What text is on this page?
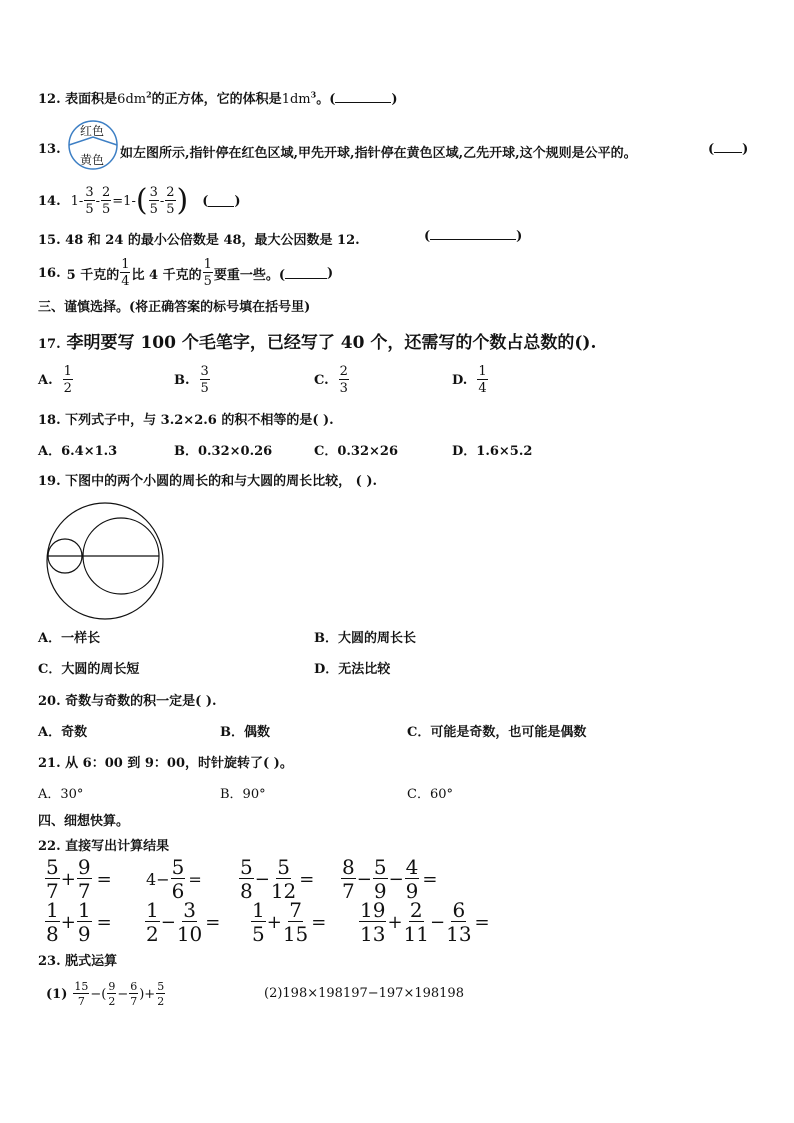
12. 表面积是$6dm^2$的正方体，它的体积是$1dm^3$。(	)
13.
红色
黄色 如左图所示,指针停在红色区域,甲先开球,指针停在黄色区域,乙先开球,这个规则是公平的。	( )
14. $1 - \frac{3}{5} - \frac{2}{5} =1-$ ( $\frac{3}{5} - \frac{2}{5}$ ) ( )
15. 48 和 24 的最小公倍数是 48，最大公因数是 12.	(	)
16. 5 千克的 $\frac{1}{4}$ 比 4 千克的 $\frac{1}{5}$ 要重一些。(	)
三、谨慎选择。(将正确答案的标号填在括号里)
17. 李明要写 100 个毛笔字，已经写了 40 个，还需写的个数占总数的().
A. $\frac{1}{2}$	B. $\frac{3}{5}$	C. $\frac{2}{3}$	D. $\frac{1}{4}$
18. 下列式子中，与 3.2×2.6 的积不相等的是( ).
A．6.4×1.3	B．0.32×0.26	C．0.32×26	D．1.6×5.2
19. 下图中的两个小圆的周长的和与大圆的周长比较， ( ).
A．一样长	B．大圆的周长长
C．大圆的周长短	D．无法比较
20. 奇数与奇数的积一定是( ).
A．奇数	B．偶数	C．可能是奇数，也可能是偶数
21. 从 6：00 到 9：00，时针旋转了( )。
A．30°	B．90°	C．60°
四、细想快算。
22. 直接写出计算结果
$\frac{5}{7} + \frac{9}{7} = 4 - \frac{5}{6} = \frac{5}{8} - \frac{5}{12} = \frac{8}{7} - \frac{5}{9} - \frac{4}{9}$ =
$\frac{1}{8} + \frac{1}{9} = \frac{1}{2} - \frac{3}{10} = \frac{1}{5} + \frac{7}{15} = \frac{19}{13} + \frac{2}{11} - \frac{6}{13}$ =
23. 脱式运算
$(1) \frac{15}{7}$ −( $\frac{9}{2} - \frac{6}{7}$ )+ $\frac{5}{2}$	(2)198×198197−197×198198
